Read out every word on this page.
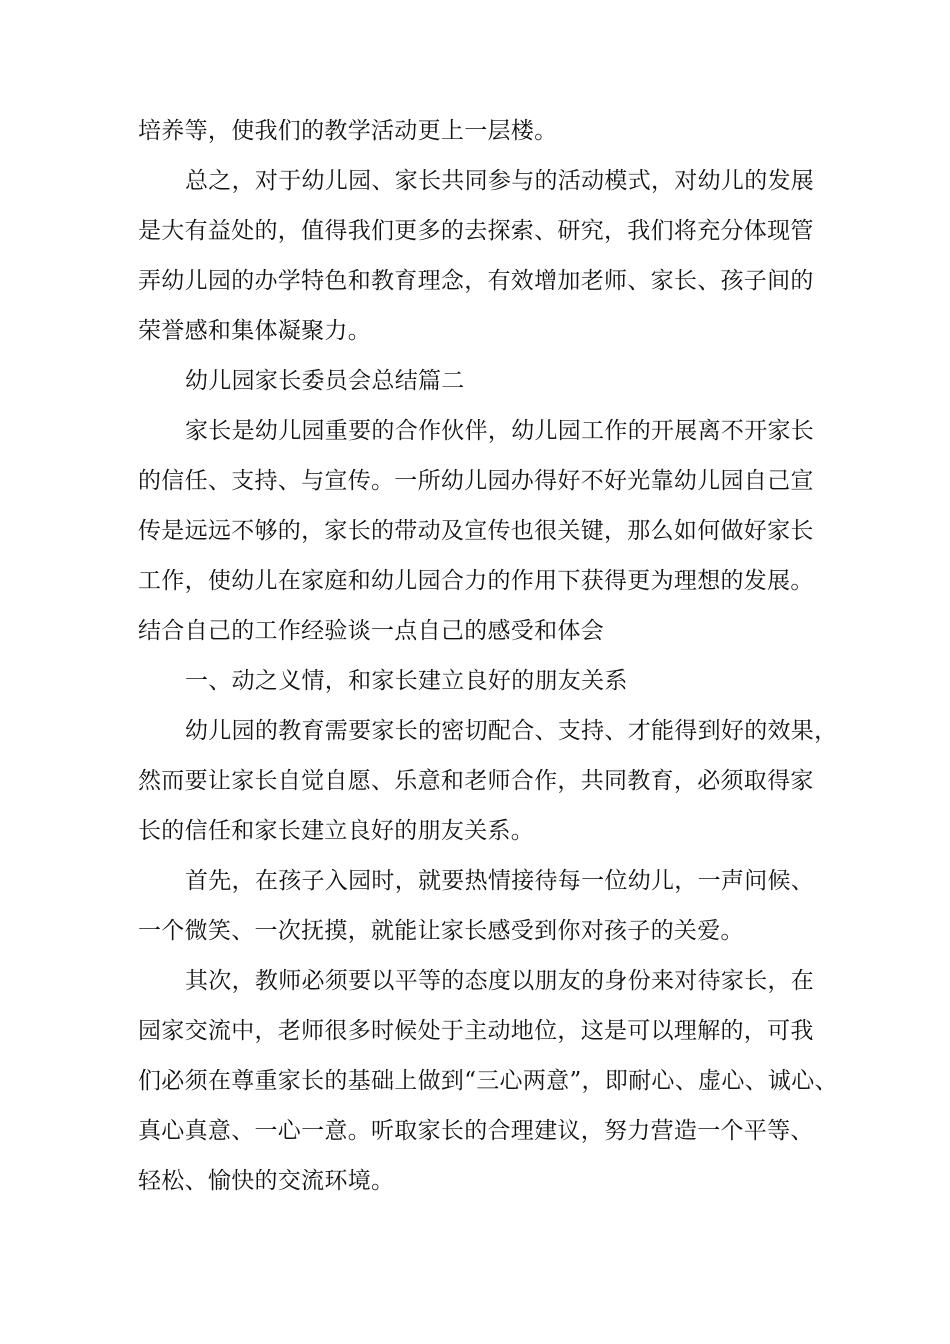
培养等，使我们的教学活动更上一层楼。
总之，对于幼儿园、家长共同参与的活动模式，对幼儿的发展
是大有益处的，值得我们更多的去探索、研究，我们将充分体现管
弄幼儿园的办学特色和教育理念，有效增加老师、家长、孩子间的
荣誉感和集体凝聚力。
幼儿园家长委员会总结篇二
家长是幼儿园重要的合作伙伴，幼儿园工作的开展离不开家长
的信任、支持、与宣传。一所幼儿园办得好不好光靠幼儿园自己宣
传是远远不够的，家长的带动及宣传也很关键，那么如何做好家长
工作，使幼儿在家庭和幼儿园合力的作用下获得更为理想的发展。
结合自己的工作经验谈一点自己的感受和体会
一、动之义情，和家长建立良好的朋友关系
幼儿园的教育需要家长的密切配合、支持、才能得到好的效果，
然而要让家长自觉自愿、乐意和老师合作，共同教育，必须取得家
长的信任和家长建立良好的朋友关系。
首先，在孩子入园时，就要热情接待每一位幼儿，一声问候、
一个微笑、一次抚摸，就能让家长感受到你对孩子的关爱。
其次，教师必须要以平等的态度以朋友的身份来对待家长，在
园家交流中，老师很多时候处于主动地位，这是可以理解的，可我
们必须在尊重家长的基础上做到“三心两意”，即耐心、虚心、诚心、
真心真意、一心一意。听取家长的合理建议，努力营造一个平等、
轻松、愉快的交流环境。
